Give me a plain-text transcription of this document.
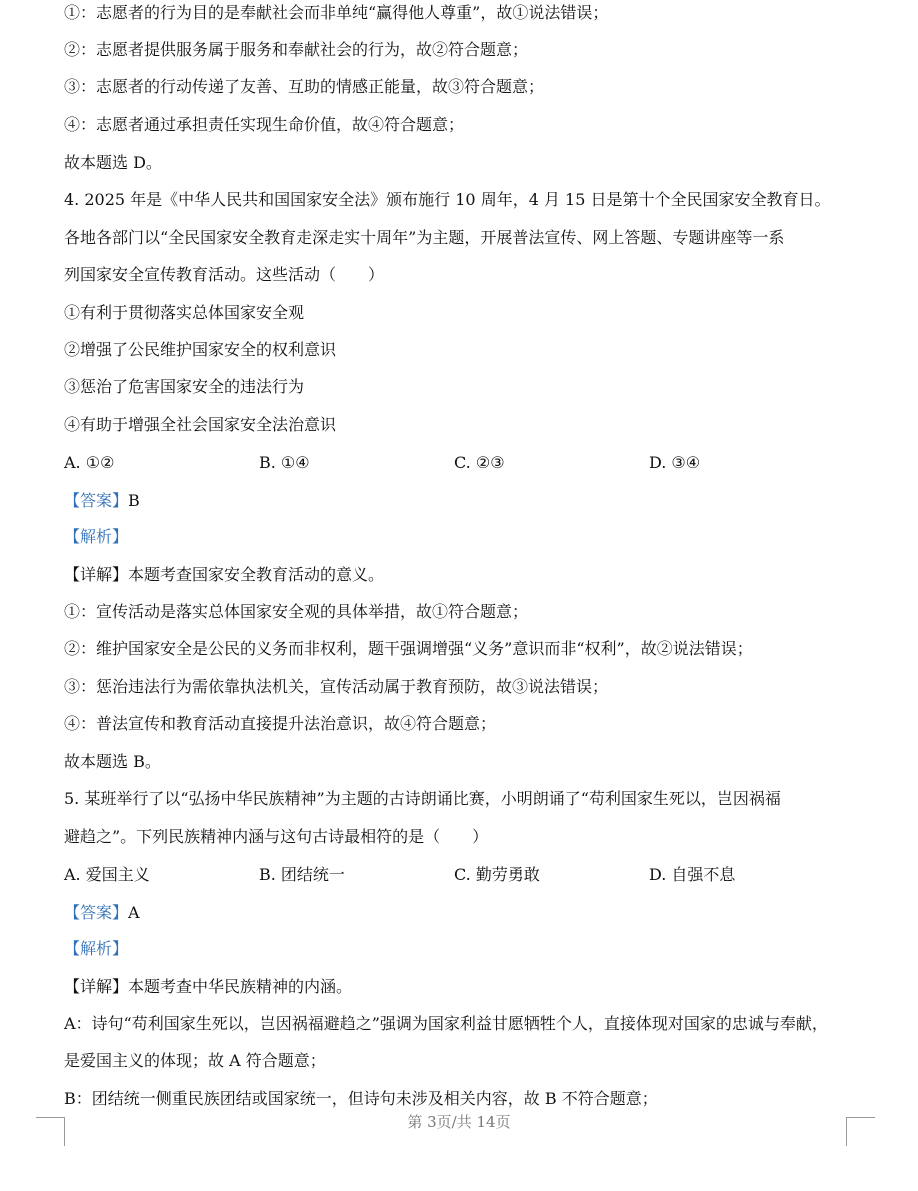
①：志愿者的行为目的是奉献社会而非单纯“赢得他人尊重”，故①说法错误；
②：志愿者提供服务属于服务和奉献社会的行为，故②符合题意；
③：志愿者的行动传递了友善、互助的情感正能量，故③符合题意；
④：志愿者通过承担责任实现生命价值，故④符合题意；
故本题选 D。
4. 2025 年是《中华人民共和国国家安全法》颁布施行 10 周年，4 月 15 日是第十个全民国家安全教育日。
各地各部门以“全民国家安全教育走深走实十周年”为主题，开展普法宣传、网上答题、专题讲座等一系
列国家安全宣传教育活动。这些活动（　　）
①有利于贯彻落实总体国家安全观
②增强了公民维护国家安全的权利意识
③惩治了危害国家安全的违法行为
④有助于增强全社会国家安全法治意识
A. ①②	B. ①④	C. ②③	D. ③④
【答案】B
【解析】
【详解】本题考查国家安全教育活动的意义。
①：宣传活动是落实总体国家安全观的具体举措，故①符合题意；
②：维护国家安全是公民的义务而非权利，题干强调增强“义务”意识而非“权利”，故②说法错误；
③：惩治违法行为需依靠执法机关，宣传活动属于教育预防，故③说法错误；
④：普法宣传和教育活动直接提升法治意识，故④符合题意；
故本题选 B。
5. 某班举行了以“弘扬中华民族精神”为主题的古诗朗诵比赛，小明朗诵了“苟利国家生死以，岂因祸福
避趋之”。下列民族精神内涵与这句古诗最相符的是（　　）
A. 爱国主义	B. 团结统一	C. 勤劳勇敢	D. 自强不息
【答案】A
【解析】
【详解】本题考查中华民族精神的内涵。
A：诗句“苟利国家生死以，岂因祸福避趋之”强调为国家利益甘愿牺牲个人，直接体现对国家的忠诚与奉献，
是爱国主义的体现；故 A 符合题意；
B：团结统一侧重民族团结或国家统一，但诗句未涉及相关内容，故 B 不符合题意；
第 3页/共 14页
